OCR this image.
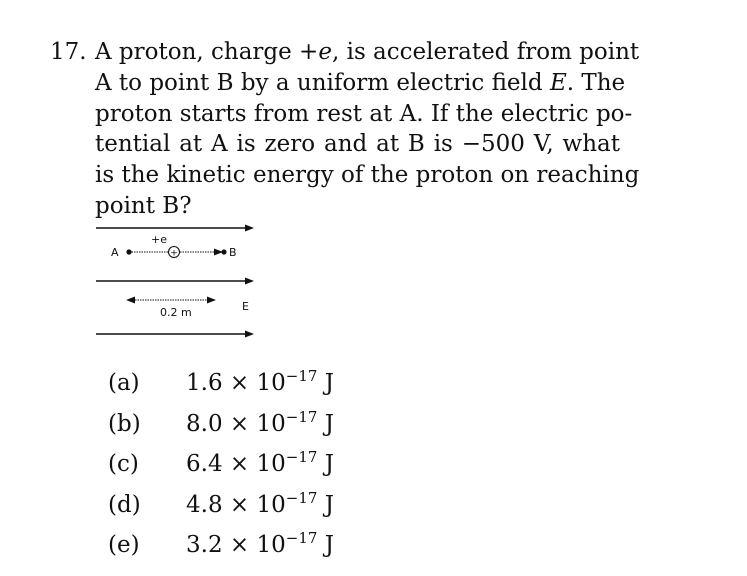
17. A proton, charge +e, is accelerated from point
A to point B by a uniform electric field E. The
proton starts from rest at A. If the electric po-
tential at A is zero and at B is −500 V, what
is the kinetic energy of the proton on reaching
point B?
A	+
+e
B
0.2 m	E
(a) $1.6 \times 10^{-17}$ J
(b) $8.0 \times 10^{-17}$ J
(c) $6.4 \times 10^{-17}$ J
(d) $4.8 \times 10^{-17}$ J
(e) $3.2 \times 10^{-17}$ J
